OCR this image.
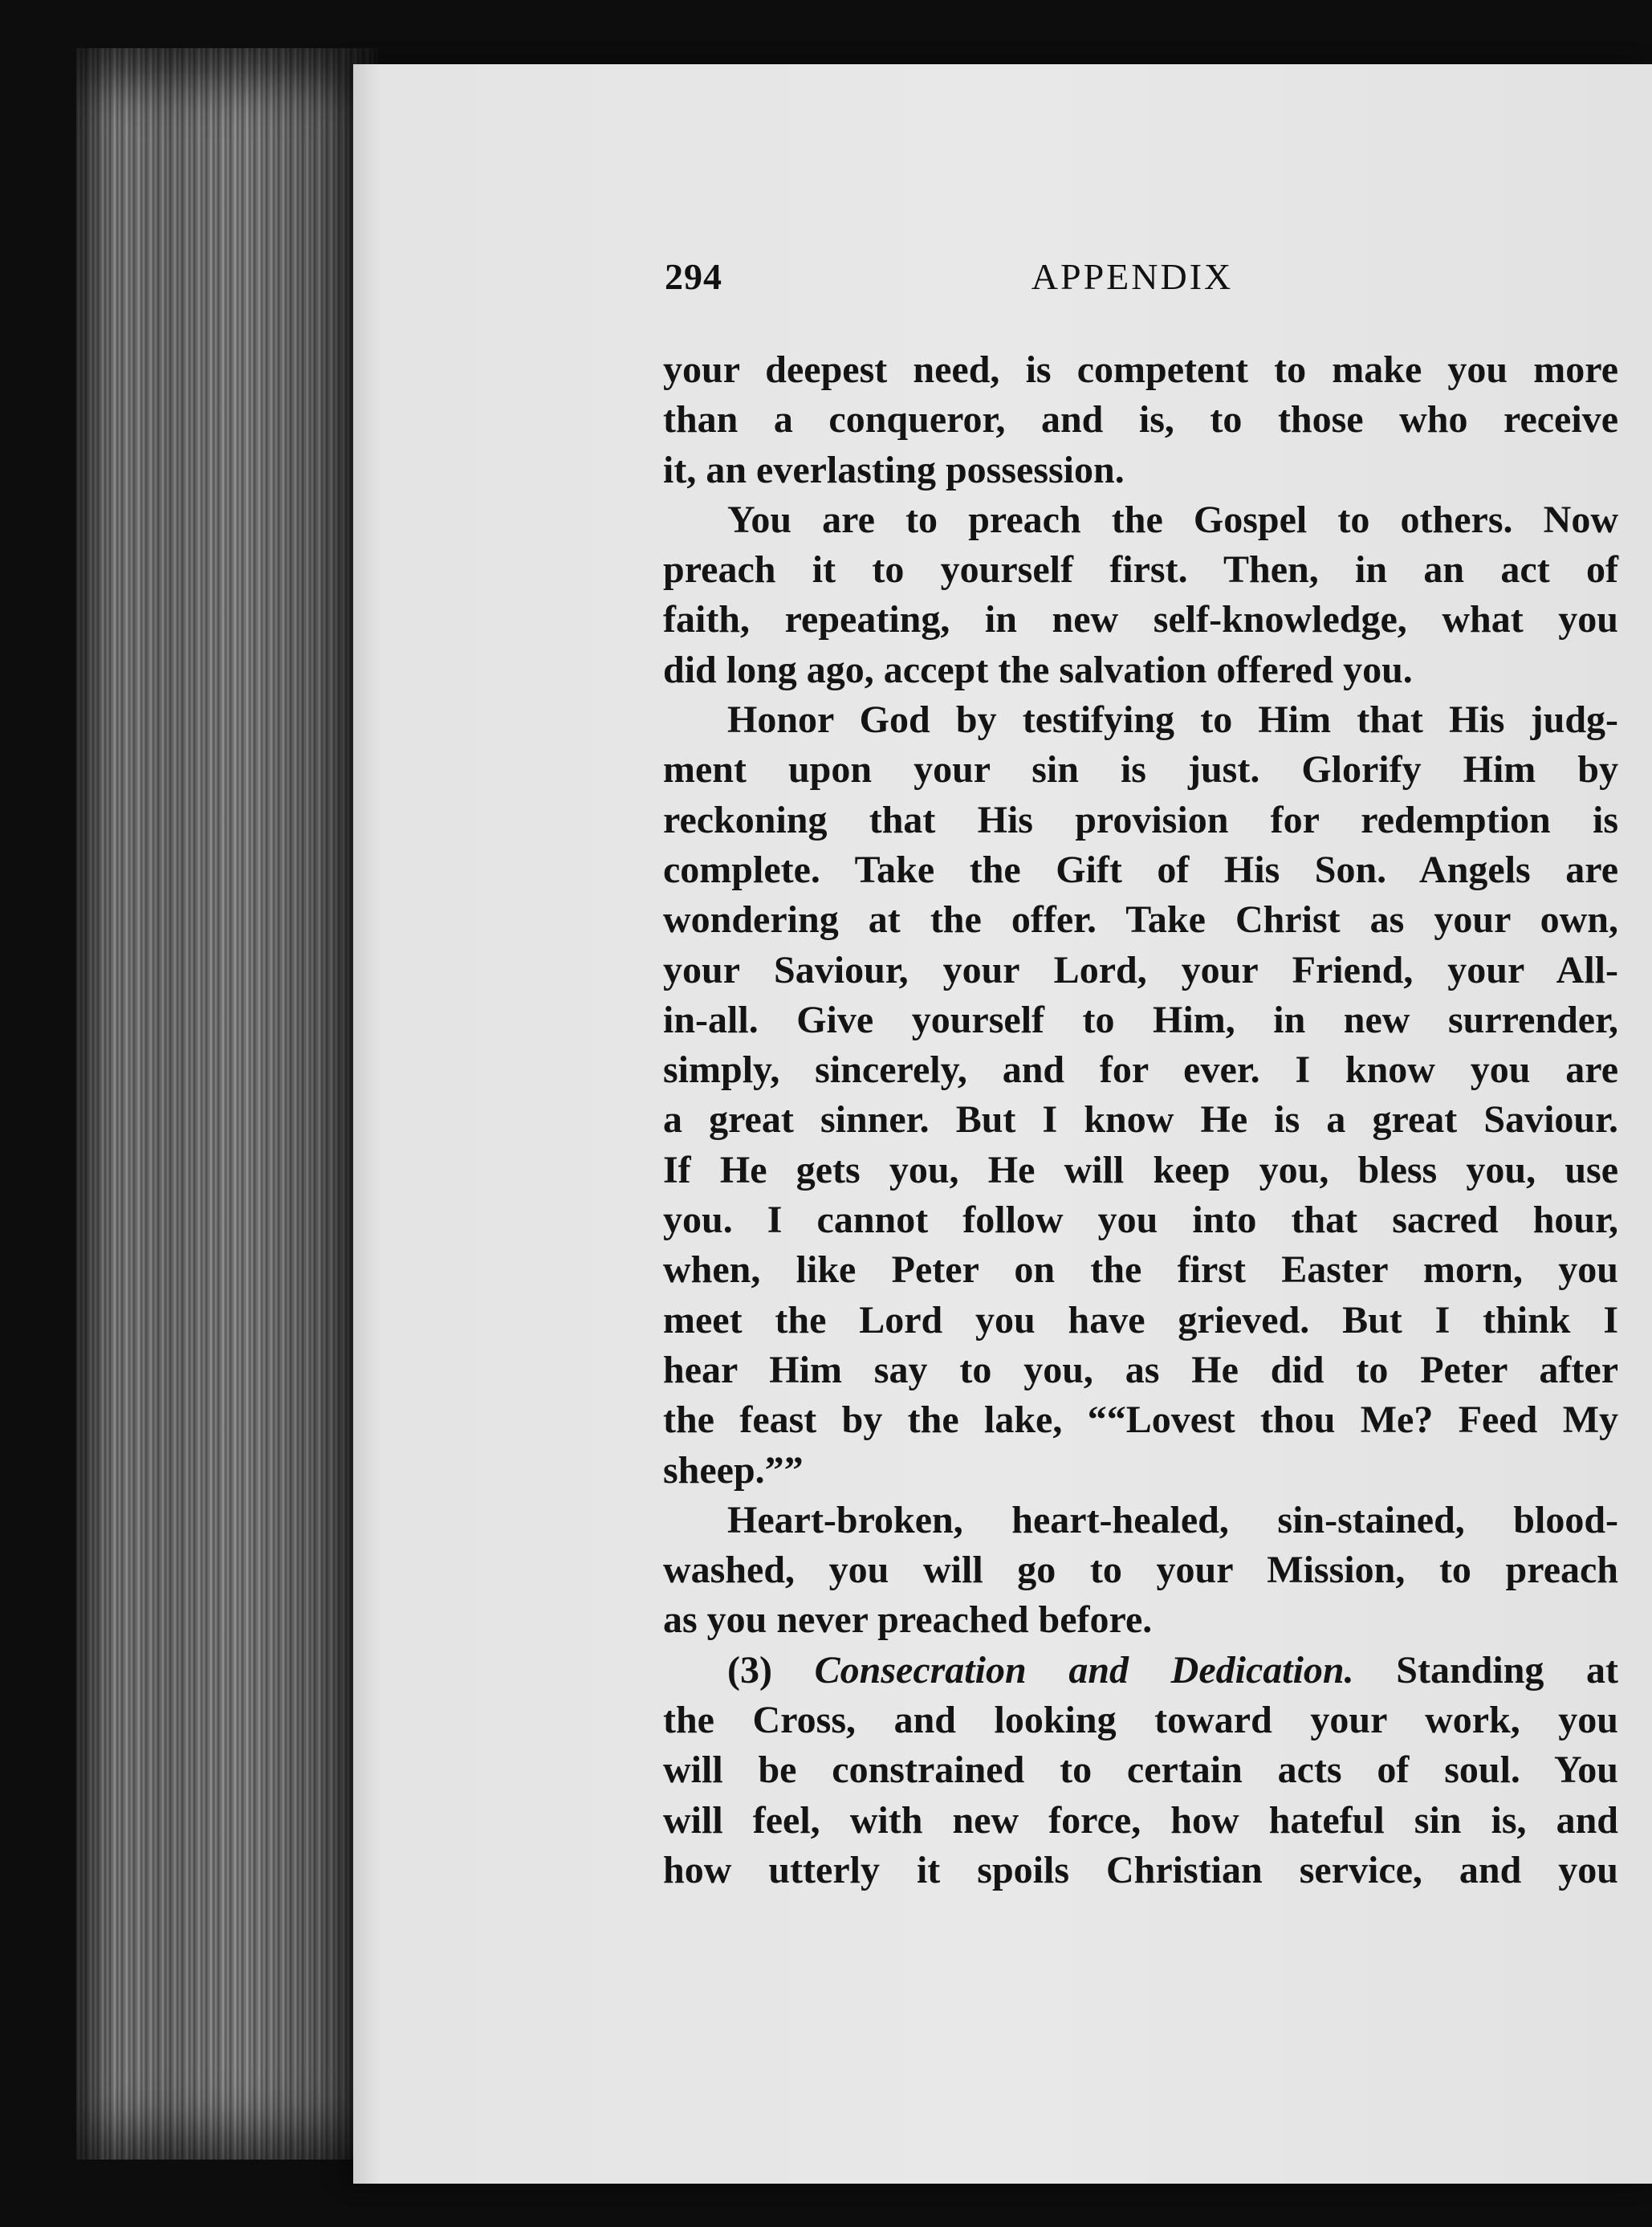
294	APPENDIX
your deepest need, is competent to make you more
than a conqueror, and is, to those who receive
it, an everlasting possession.
You are to preach the Gospel to others. Now
preach it to yourself first. Then, in an act of
faith, repeating, in new self-knowledge, what you
did long ago, accept the salvation offered you.
Honor God by testifying to Him that His judg-
ment upon your sin is just. Glorify Him by
reckoning that His provision for redemption is
complete. Take the Gift of His Son. Angels are
wondering at the offer. Take Christ as your own,
your Saviour, your Lord, your Friend, your All-
in-all. Give yourself to Him, in new surrender,
simply, sincerely, and for ever. I know you are
a great sinner. But I know He is a great Saviour.
If He gets you, He will keep you, bless you, use
you. I cannot follow you into that sacred hour,
when, like Peter on the first Easter morn, you
meet the Lord you have grieved. But I think I
hear Him say to you, as He did to Peter after
the feast by the lake, ““Lovest thou Me? Feed My
sheep.””
Heart-broken, heart-healed, sin-stained, blood-
washed, you will go to your Mission, to preach
as you never preached before.
(3) Consecration and Dedication. Standing at
the Cross, and looking toward your work, you
will be constrained to certain acts of soul. You
will feel, with new force, how hateful sin is, and
how utterly it spoils Christian service, and you
